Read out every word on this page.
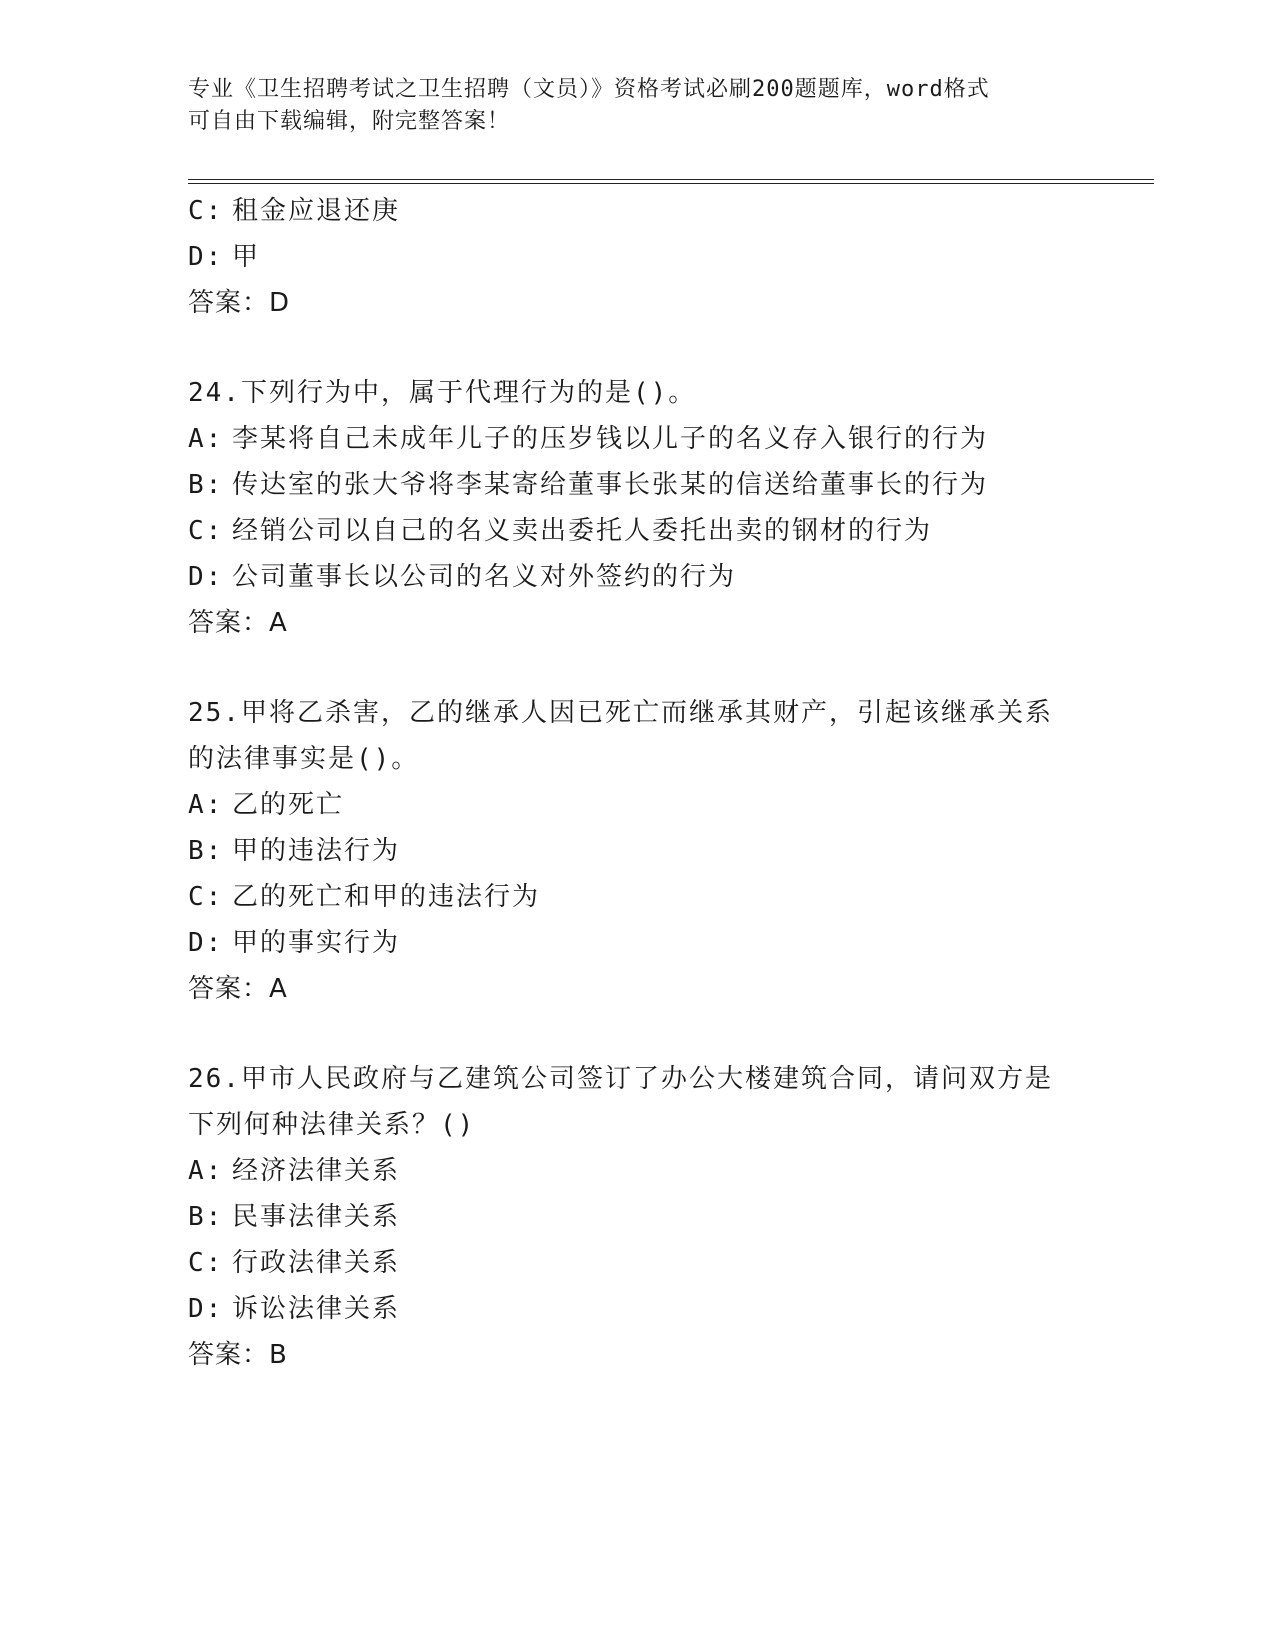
专业《卫生招聘考试之卫生招聘（文员）》资格考试必刷200题题库，word格式
可自由下载编辑，附完整答案！
C: 租金应退还庚
D: 甲
答案：D
24.下列行为中，属于代理行为的是()。
A: 李某将自己未成年儿子的压岁钱以儿子的名义存入银行的行为
B: 传达室的张大爷将李某寄给董事长张某的信送给董事长的行为
C: 经销公司以自己的名义卖出委托人委托出卖的钢材的行为
D: 公司董事长以公司的名义对外签约的行为
答案：A
25.甲将乙杀害，乙的继承人因已死亡而继承其财产，引起该继承关系
的法律事实是()。
A: 乙的死亡
B: 甲的违法行为
C: 乙的死亡和甲的违法行为
D: 甲的事实行为
答案：A
26.甲市人民政府与乙建筑公司签订了办公大楼建筑合同，请问双方是
下列何种法律关系？()
A: 经济法律关系
B: 民事法律关系
C: 行政法律关系
D: 诉讼法律关系
答案：B
